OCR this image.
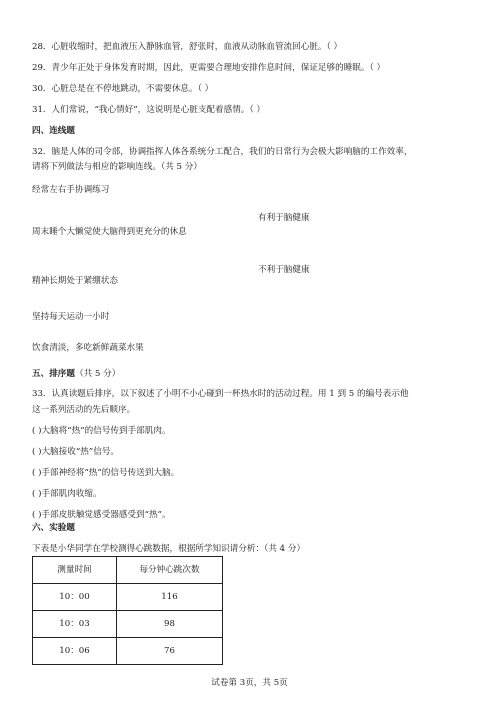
28．心脏收缩时，把血液压入静脉血管，舒张时，血液从动脉血管流回心脏。（ ）
29．青少年正处于身体发育时期，因此，更需要合理地安排作息时间，保证足够的睡眠。（ ）
30．心脏总是在不停地跳动，不需要休息。（ ）
31．人们常说，“我心情好”，这说明是心脏支配着感情。（ ）
四、连线题
32．脑是人体的司令部，协调指挥人体各系统分工配合，我们的日常行为会极大影响脑的工作效率，
请将下列做法与相应的影响连线。（共 5 分）
经常左右手协调练习
有利于脑健康
周末睡个大懒觉使大脑得到更充分的休息
不利于脑健康
精神长期处于紧绷状态
坚持每天运动一小时
饮食清淡，多吃新鲜蔬菜水果
五、排序题（共 5 分）
33．认真读题后排序，以下叙述了小明不小心碰到一杯热水时的活动过程。用 1 到 5 的编号表示他
这一系列活动的先后顺序。
( )大脑将“热”的信号传到手部肌肉。
( )大脑接收“热”信号。
( )手部神经将“热”的信号传送到大脑。
( )手部肌肉收缩。
( )手部皮肤触觉感受器感受到“热”。
六、实验题
下表是小华同学在学校测得心跳数据，根据所学知识请分析：（共 4 分）
测量时间	每分钟心跳次数
10：00	116
10：03	98
10：06	76
试卷第 3页，共 5页
